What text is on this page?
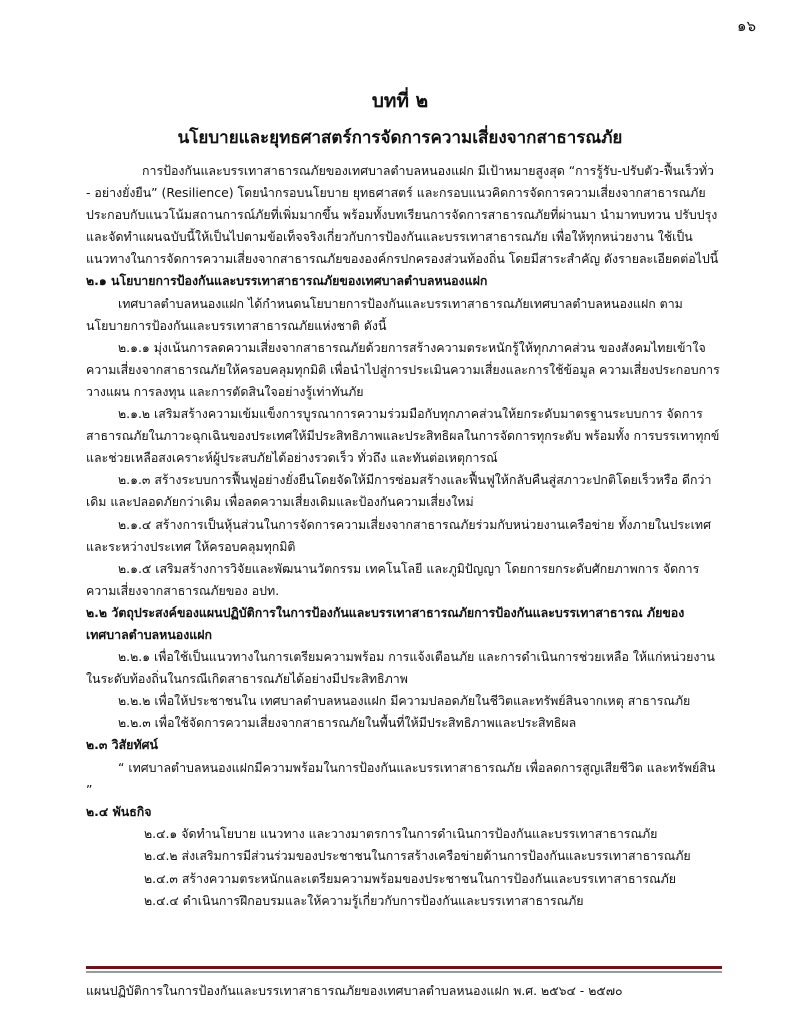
๑๖
บทที่ ๒
นโยบายและยุทธศาสตร์การจัดการความเสี่ยงจากสาธารณภัย

การป้องกันและบรรเทาสาธารณภัยของเทศบาลตำบลหนองแฝก มีเป้าหมายสูงสุด “การรู้รับ-ปรับตัว-ฟื้นเร็วทั่ว - อย่างยั่งยืน” (Resilience) โดยนำกรอบนโยบาย ยุทธศาสตร์ และกรอบแนวคิดการจัดการความเสี่ยงจากสาธารณภัย ประกอบกับแนวโน้มสถานการณ์ภัยที่เพิ่มมากขึ้น พร้อมทั้งบทเรียนการจัดการสาธารณภัยที่ผ่านมา นำมาทบทวน ปรับปรุง และจัดทำแผนฉบับนี้ให้เป็นไปตามข้อเท็จจริงเกี่ยวกับการป้องกันและบรรเทาสาธารณภัย เพื่อให้ทุกหน่วยงาน ใช้เป็นแนวทางในการจัดการความเสี่ยงจากสาธารณภัยขององค์กรปกครองส่วนท้องถิ่น โดยมีสาระสำคัญ ดังรายละเอียดต่อไปนี้

๒.๑ นโยบายการป้องกันและบรรเทาสาธารณภัยของเทศบาลตำบลหนองแฝก

เทศบาลตำบลหนองแฝก ได้กำหนดนโยบายการป้องกันและบรรเทาสาธารณภัยเทศบาลตำบลหนองแฝก ตามนโยบายการป้องกันและบรรเทาสาธารณภัยแห่งชาติ ดังนี้

๒.๑.๑ มุ่งเน้นการลดความเสี่ยงจากสาธารณภัยด้วยการสร้างความตระหนักรู้ให้ทุกภาคส่วน ของสังคมไทยเข้าใจความเสี่ยงจากสาธารณภัยให้ครอบคลุมทุกมิติ เพื่อนำไปสู่การประเมินความเสี่ยงและการใช้ข้อมูล ความเสี่ยงประกอบการวางแผน การลงทุน และการตัดสินใจอย่างรู้เท่าทันภัย

๒.๑.๒ เสริมสร้างความเข้มแข็งการบูรณาการความร่วมมือกับทุกภาคส่วนให้ยกระดับมาตรฐานระบบการ จัดการสาธารณภัยในภาวะฉุกเฉินของประเทศให้มีประสิทธิภาพและประสิทธิผลในการจัดการทุกระดับ พร้อมทั้ง การบรรเทาทุกข์และช่วยเหลือสงเคราะห์ผู้ประสบภัยได้อย่างรวดเร็ว ทั่วถึง และทันต่อเหตุการณ์

๒.๑.๓ สร้างระบบการฟื้นฟูอย่างยั่งยืนโดยจัดให้มีการซ่อมสร้างและฟื้นฟูให้กลับคืนสู่สภาวะปกติโดยเร็วหรือ ดีกว่าเดิม และปลอดภัยกว่าเดิม เพื่อลดความเสี่ยงเดิมและป้องกันความเสี่ยงใหม่

๒.๑.๔ สร้างการเป็นหุ้นส่วนในการจัดการความเสี่ยงจากสาธารณภัยร่วมกับหน่วยงานเครือข่าย ทั้งภายในประเทศและระหว่างประเทศ ให้ครอบคลุมทุกมิติ

๒.๑.๕ เสริมสร้างการวิจัยและพัฒนานวัตกรรม เทคโนโลยี และภูมิปัญญา โดยการยกระดับศักยภาพการ จัดการความเสี่ยงจากสาธารณภัยของ อปท.

๒.๒ วัตถุประสงค์ของแผนปฏิบัติการในการป้องกันและบรรเทาสาธารณภัยการป้องกันและบรรเทาสาธารณ ภัยของเทศบาลตำบลหนองแฝก

๒.๒.๑ เพื่อใช้เป็นแนวทางในการเตรียมความพร้อม การแจ้งเตือนภัย และการดำเนินการช่วยเหลือ ให้แก่หน่วยงานในระดับท้องถิ่นในกรณีเกิดสาธารณภัยได้อย่างมีประสิทธิภาพ

๒.๒.๒ เพื่อให้ประชาชนใน เทศบาลตำบลหนองแฝก มีความปลอดภัยในชีวิตและทรัพย์สินจากเหตุ สาธารณภัย

๒.๒.๓ เพื่อใช้จัดการความเสี่ยงจากสาธารณภัยในพื้นที่ให้มีประสิทธิภาพและประสิทธิผล

๒.๓ วิสัยทัศน์

“ เทศบาลตำบลหนองแฝกมีความพร้อมในการป้องกันและบรรเทาสาธารณภัย เพื่อลดการสูญเสียชีวิต และทรัพย์สิน ”

๒.๔ พันธกิจ

๒.๔.๑ จัดทำนโยบาย แนวทาง และวางมาตรการในการดำเนินการป้องกันและบรรเทาสาธารณภัย

๒.๔.๒ ส่งเสริมการมีส่วนร่วมของประชาชนในการสร้างเครือข่ายด้านการป้องกันและบรรเทาสาธารณภัย

๒.๔.๓ สร้างความตระหนักและเตรียมความพร้อมของประชาชนในการป้องกันและบรรเทาสาธารณภัย

๒.๔.๔ ดำเนินการฝึกอบรมและให้ความรู้เกี่ยวกับการป้องกันและบรรเทาสาธารณภัย

แผนปฏิบัติการในการป้องกันและบรรเทาสาธารณภัยของเทศบาลตำบลหนองแฝก พ.ศ. ๒๕๖๔ - ๒๕๗๐
